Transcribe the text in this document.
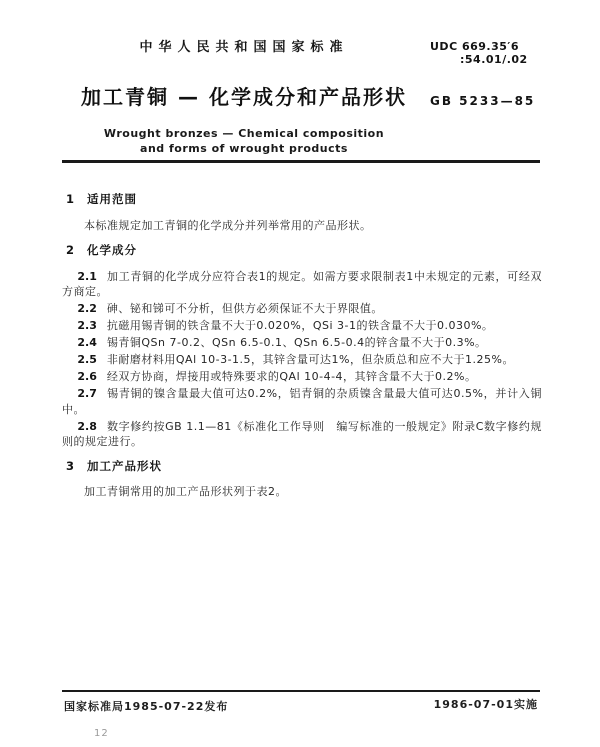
中华人民共和国国家标准
加工青铜 — 化学成分和产品形状
Wrought bronzes — Chemical composition
and forms of wrought products
UDC 669.35′6
:54.01/.02
GB 5233—85
1 适用范围

本标准规定加工青铜的化学成分并列举常用的产品形状。

2 化学成分

2.1 加工青铜的化学成分应符合表1的规定。如需方要求限制表1中未规定的元素，可经双方商定。

2.2 砷、铋和锑可不分析，但供方必须保证不大于界限值。

2.3 抗磁用锡青铜的铁含量不大于0.020%，QSi 3-1的铁含量不大于0.030%。

2.4 锡青铜QSn 7-0.2、QSn 6.5-0.1、QSn 6.5-0.4的锌含量不大于0.3%。

2.5 非耐磨材料用QAl 10-3-1.5，其锌含量可达1%，但杂质总和应不大于1.25%。

2.6 经双方协商，焊接用或特殊要求的QAl 10-4-4，其锌含量不大于0.2%。

2.7 锡青铜的镍含量最大值可达0.2%，铝青铜的杂质镍含量最大值可达0.5%，并计入铜中。

2.8 数字修约按GB 1.1—81《标准化工作导则　编写标准的一般规定》附录C数字修约规则的规定进行。

3 加工产品形状

加工青铜常用的加工产品形状列于表2。

国家标准局1985-07-22发布	1986-07-01实施
12
